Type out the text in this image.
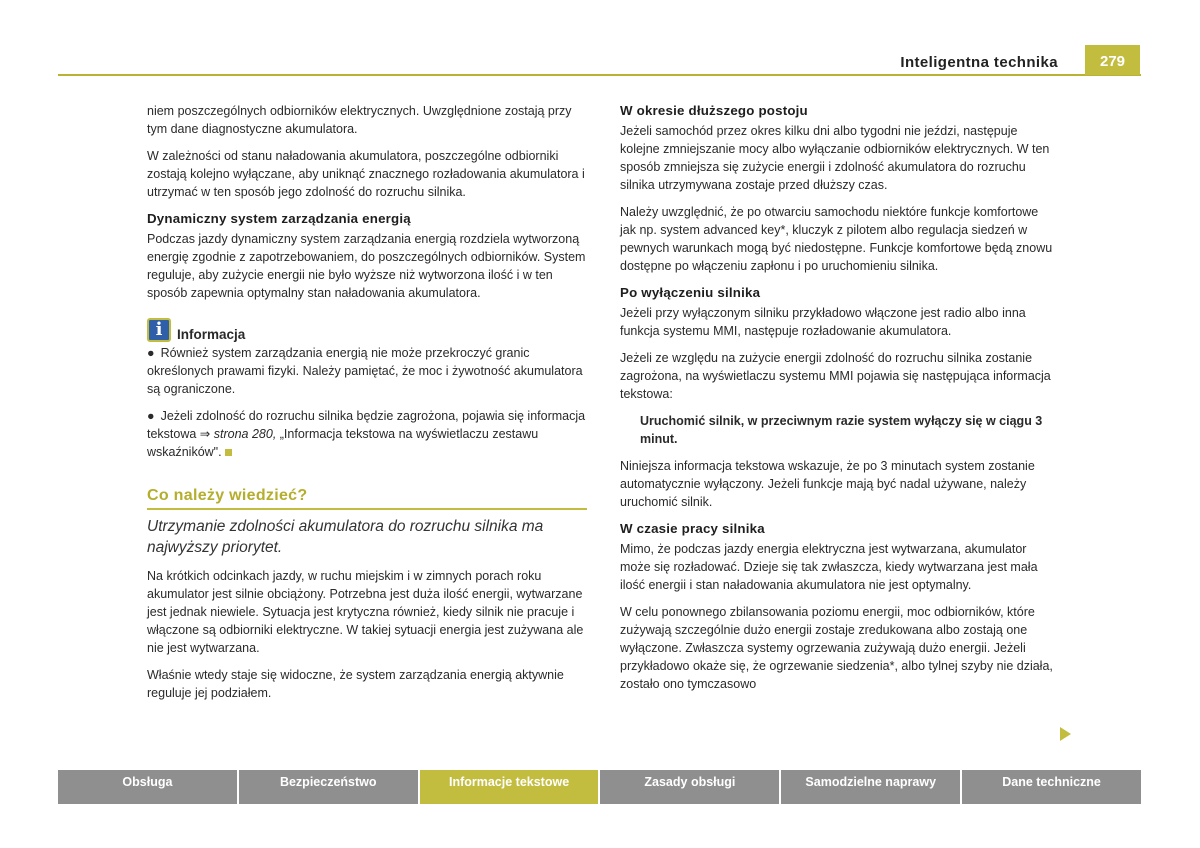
Inteligentna technika	279

niem poszczególnych odbiorników elektrycznych. Uwzględnione zostają przy tym dane diagnostyczne akumulatora.

W zależności od stanu naładowania akumulatora, poszczególne odbiorniki zostają kolejno wyłączane, aby uniknąć znacznego rozładowania akumulatora i utrzymać w ten sposób jego zdolność do rozruchu silnika.

Dynamiczny system zarządzania energią

Podczas jazdy dynamiczny system zarządzania energią rozdziela wytworzoną energię zgodnie z zapotrzebowaniem, do poszczególnych odbiorników. System reguluje, aby zużycie energii nie było wyższe niż wytworzona ilość i w ten sposób zapewnia optymalny stan naładowania akumulatora.

i	Informacja

● Również system zarządzania energią nie może przekroczyć granic określonych prawami fizyki. Należy pamiętać, że moc i żywotność akumulatora są ograniczone.

● Jeżeli zdolność do rozruchu silnika będzie zagrożona, pojawia się informacja tekstowa ⇒ strona 280, „Informacja tekstowa na wyświetlaczu zestawu wskaźników".

Co należy wiedzieć?

Utrzymanie zdolności akumulatora do rozruchu silnika ma najwyższy priorytet.

Na krótkich odcinkach jazdy, w ruchu miejskim i w zimnych porach roku akumulator jest silnie obciążony. Potrzebna jest duża ilość energii, wytwarzane jest jednak niewiele. Sytuacja jest krytyczna również, kiedy silnik nie pracuje i włączone są odbiorniki elektryczne. W takiej sytuacji energia jest zużywana ale nie jest wytwarzana.

Właśnie wtedy staje się widoczne, że system zarządzania energią aktywnie reguluje jej podziałem.

W okresie dłuższego postoju

Jeżeli samochód przez okres kilku dni albo tygodni nie jeździ, następuje kolejne zmniejszanie mocy albo wyłączanie odbiorników elektrycznych. W ten sposób zmniejsza się zużycie energii i zdolność akumulatora do rozruchu silnika utrzymywana zostaje przed dłuższy czas.

Należy uwzględnić, że po otwarciu samochodu niektóre funkcje komfortowe jak np. system advanced key*, kluczyk z pilotem albo regulacja siedzeń w pewnych warunkach mogą być niedostępne. Funkcje komfortowe będą znowu dostępne po włączeniu zapłonu i po uruchomieniu silnika.

Po wyłączeniu silnika

Jeżeli przy wyłączonym silniku przykładowo włączone jest radio albo inna funkcja systemu MMI, następuje rozładowanie akumulatora.

Jeżeli ze względu na zużycie energii zdolność do rozruchu silnika zostanie zagrożona, na wyświetlaczu systemu MMI pojawia się następująca informacja tekstowa:

Uruchomić silnik, w przeciwnym razie system wyłączy się w ciągu 3 minut.

Niniejsza informacja tekstowa wskazuje, że po 3 minutach system zostanie automatycznie wyłączony. Jeżeli funkcje mają być nadal używane, należy uruchomić silnik.

W czasie pracy silnika

Mimo, że podczas jazdy energia elektryczna jest wytwarzana, akumulator może się rozładować. Dzieje się tak zwłaszcza, kiedy wytwarzana jest mała ilość energii i stan naładowania akumulatora nie jest optymalny.

W celu ponownego zbilansowania poziomu energii, moc odbiorników, które zużywają szczególnie dużo energii zostaje zredukowana albo zostają one wyłączone. Zwłaszcza systemy ogrzewania zużywają dużo energii. Jeżeli przykładowo okaże się, że ogrzewanie siedzenia*, albo tylnej szyby nie działa, zostało ono tymczasowo

Obsługa	Bezpieczeństwo	Informacje tekstowe	Zasady obsługi	Samodzielne naprawy	Dane techniczne
